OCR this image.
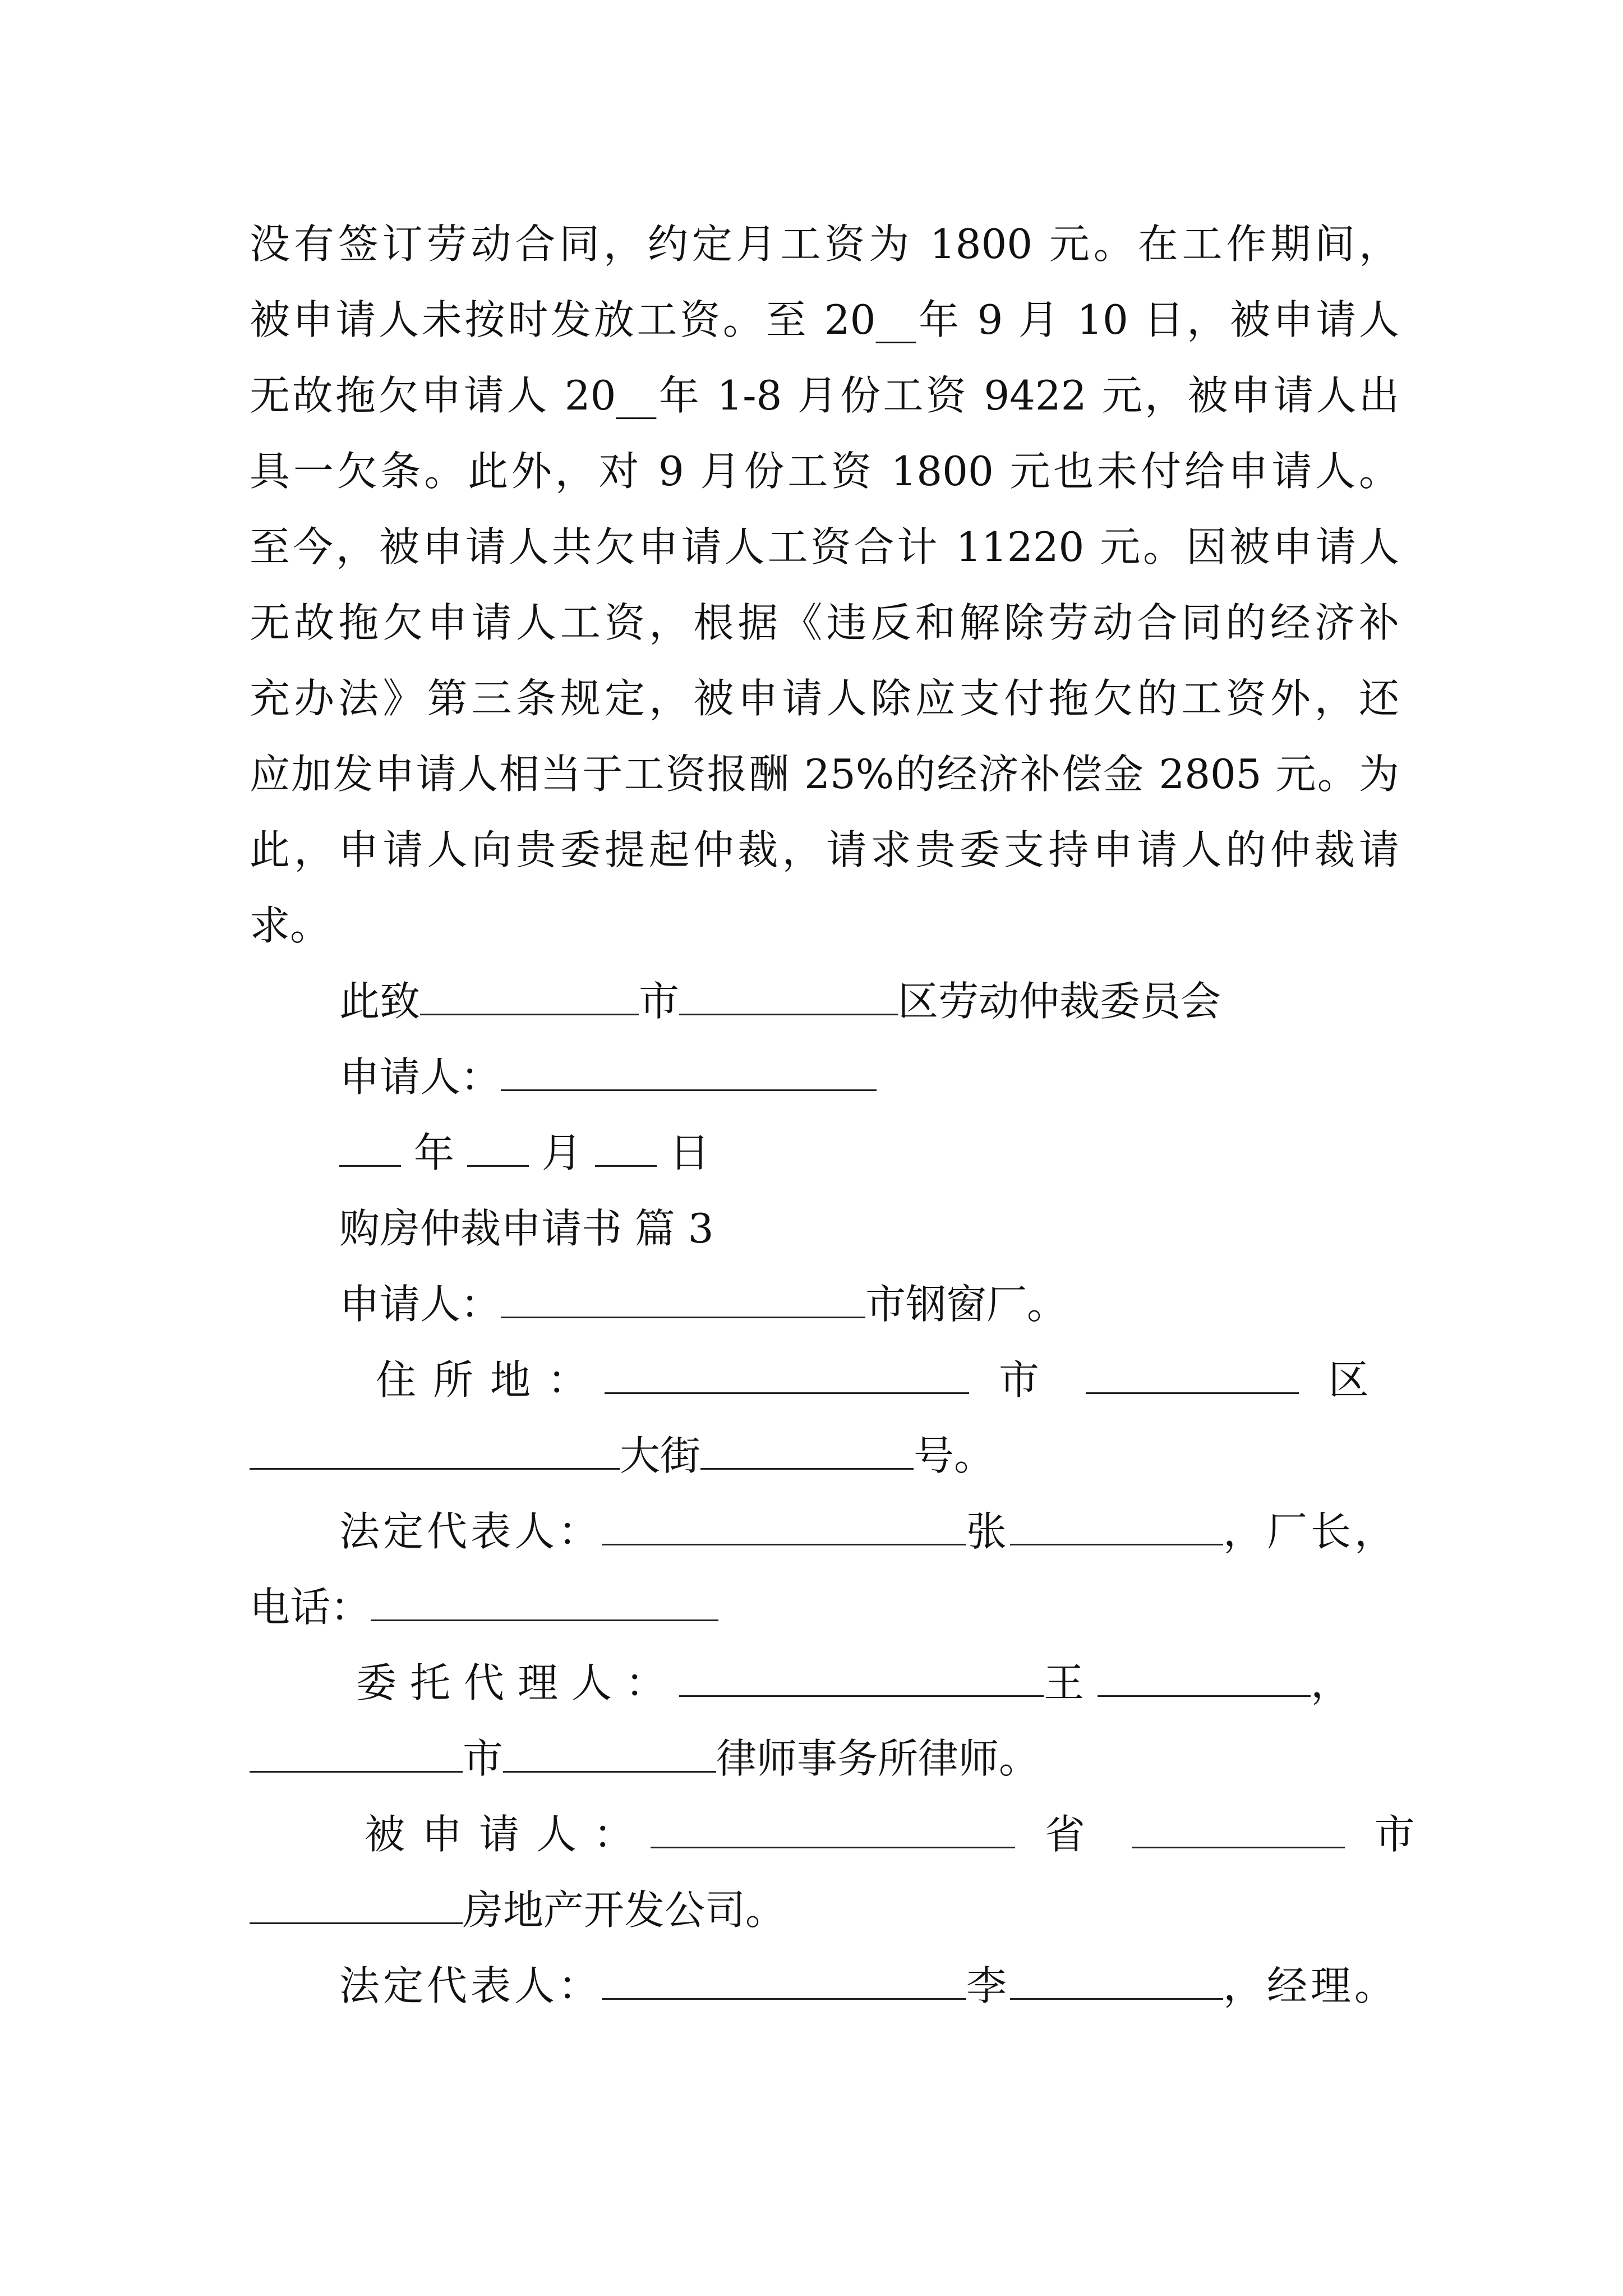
没有签订劳动合同，约定月工资为 1800 元。在工作期间，
被申请人未按时发放工资。至 20__年 9 月 10 日，被申请人
无故拖欠申请人 20__年 1-8 月份工资 9422 元，被申请人出
具一欠条。此外，对 9 月份工资 1800 元也未付给申请人。
至今，被申请人共欠申请人工资合计 11220 元。因被申请人
无故拖欠申请人工资，根据《违反和解除劳动合同的经济补
充办法》第三条规定，被申请人除应支付拖欠的工资外，还
应加发申请人相当于工资报酬 25%的经济补偿金 2805 元。为
此，申请人向贵委提起仲裁，请求贵委支持申请人的仲裁请
求。
此致	市	区劳动仲裁委员会
申请人：
年 月 日
购房仲裁申请书 篇 3
申请人：	市钢窗厂。
住所地：	市	区
大街	号。
法定代表人：	张	，厂长，
电话：
委托代理人：	王	，
市	律师事务所律师。
被申请人：	省	市
房地产开发公司。
法定代表人：	李	，经理。
